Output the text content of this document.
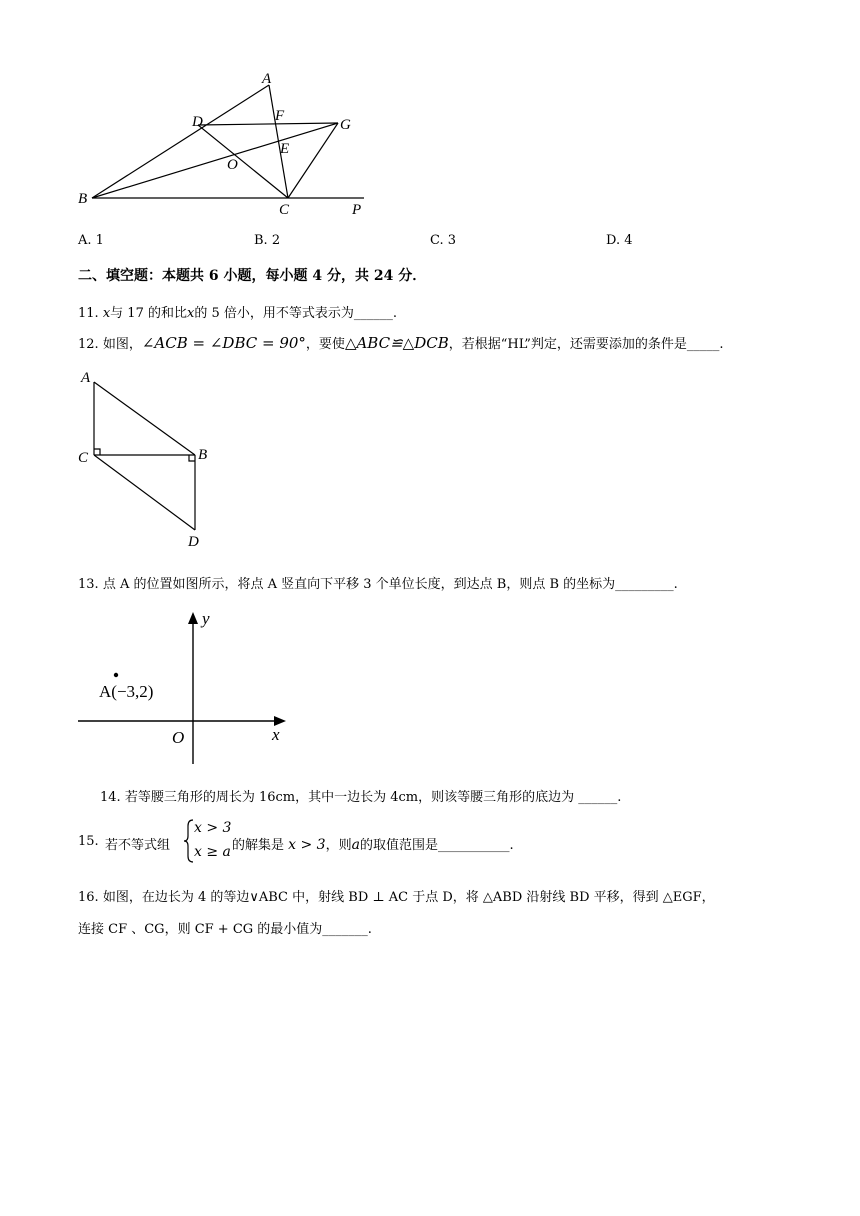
A
D	F
G
E
O
B
C	P
A. 1	B. 2	C. 3	D. 4
二、填空题：本题共 6 小题，每小题 4 分，共 24 分．
11. x与 17 的和比x的 5 倍小，用不等式表示为______.
12. 如图，∠ACB = ∠DBC = 90°，要使△ABC≌△DCB，若根据“HL”判定，还需要添加的条件是_____.
A
C	B
D
13. 点 A 的位置如图所示，将点 A 竖直向下平移 3 个单位长度，到达点 B，则点 B 的坐标为_________.
y
x
O
A(−3,2)
14. 若等腰三角形的周长为 16cm，其中一边长为 4cm，则该等腰三角形的底边为 ______.
15. 若不等式组
x > 3
x ≥ a 的解集是 x > 3，则a的取值范围是___________.
16. 如图，在边长为 4 的等边∨ABC 中，射线 BD ⊥ AC 于点 D，将 △ABD 沿射线 BD 平移，得到 △EGF，
连接 CF 、CG，则 CF + CG 的最小值为_______.
